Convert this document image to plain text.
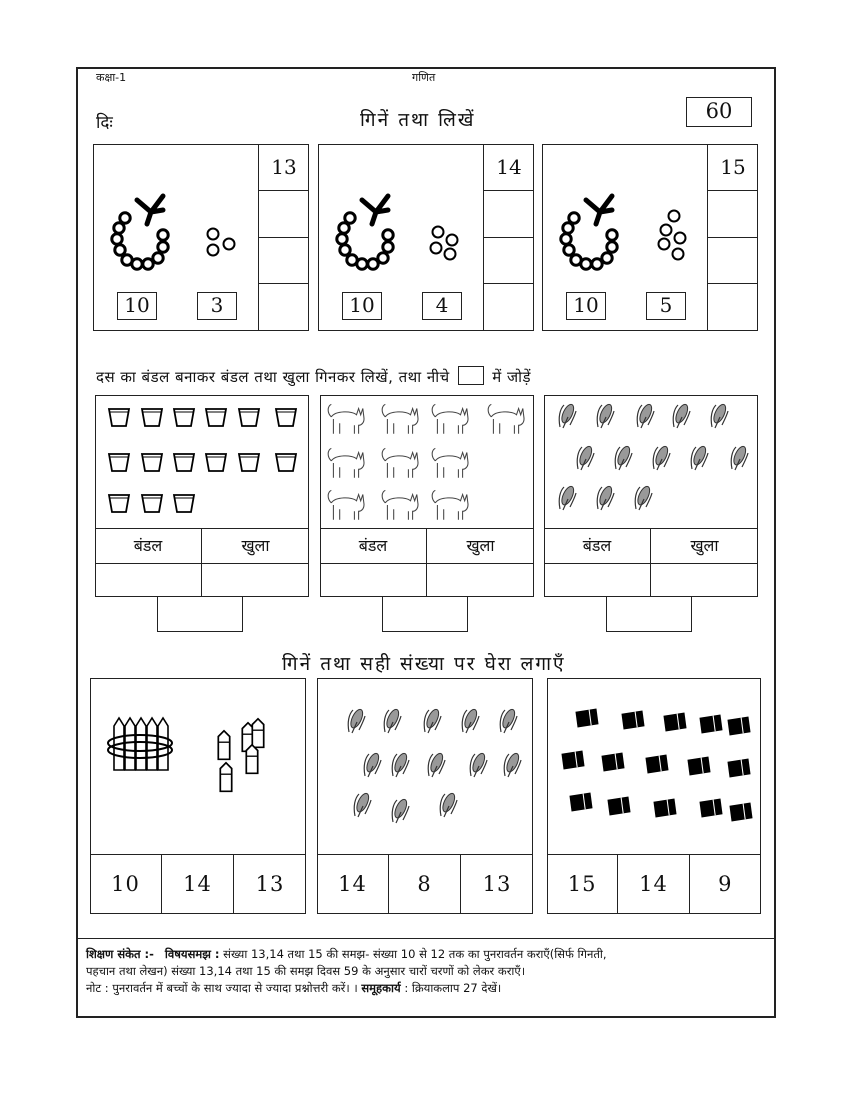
कक्षा-1	गणित
दिः	60
गिनें तथा लिखें
दस का बंडल बनाकर बंडल तथा खुला गिनकर लिखें, तथा नीचे	में जोड़ें
गिनें तथा सही संख्या पर घेरा लगाएँ
शिक्षण संकेत :- विषयसमझ : संख्या 13,14 तथा 15 की समझ- संख्या 10 से 12 तक का पुनरावर्तन कराएँ(सिर्फ गिनती,
पहचान तथा लेखन) संख्या 13,14 तथा 15 की समझ दिवस 59 के अनुसार चारों चरणों को लेकर कराएँ।
नोट : पुनरावर्तन में बच्चों के साथ ज्यादा से ज्यादा प्रश्नोत्तरी करें। । समूहकार्य : क्रियाकलाप 27 देखें।
13
10	3
14
10	4
15
10	5
बंडल	खुला	बंडल	खुला	बंडल	खुला
10	14	13	14	8	13	15	14	9
